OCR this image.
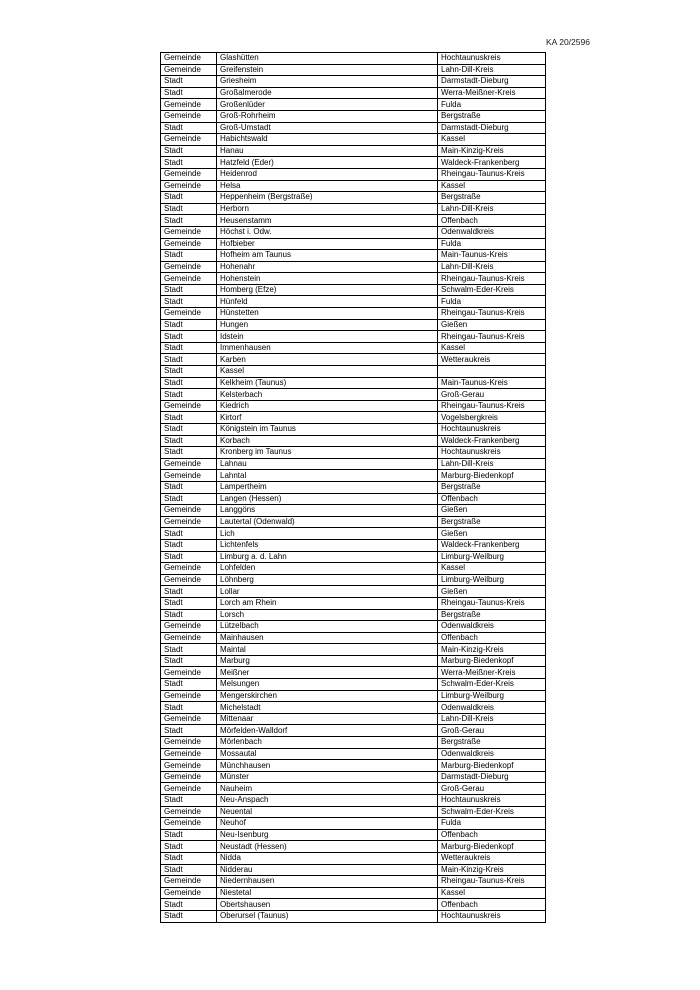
KA 20/2596
Gemeinde	Glashütten	Hochtaunuskreis
Gemeinde	Greifenstein	Lahn-Dill-Kreis
Stadt	Griesheim	Darmstadt-Dieburg
Stadt	Großalmerode	Werra-Meißner-Kreis
Gemeinde	Großenlüder	Fulda
Gemeinde	Groß-Rohrheim	Bergstraße
Stadt	Groß-Umstadt	Darmstadt-Dieburg
Gemeinde	Habichtswald	Kassel
Stadt	Hanau	Main-Kinzig-Kreis
Stadt	Hatzfeld (Eder)	Waldeck-Frankenberg
Gemeinde	Heidenrod	Rheingau-Taunus-Kreis
Gemeinde	Helsa	Kassel
Stadt	Heppenheim (Bergstraße)	Bergstraße
Stadt	Herborn	Lahn-Dill-Kreis
Stadt	Heusenstamm	Offenbach
Gemeinde	Höchst i. Odw.	Odenwaldkreis
Gemeinde	Hofbieber	Fulda
Stadt	Hofheim am Taunus	Main-Taunus-Kreis
Gemeinde	Hohenahr	Lahn-Dill-Kreis
Gemeinde	Hohenstein	Rheingau-Taunus-Kreis
Stadt	Homberg (Efze)	Schwalm-Eder-Kreis
Stadt	Hünfeld	Fulda
Gemeinde	Hünstetten	Rheingau-Taunus-Kreis
Stadt	Hungen	Gießen
Stadt	Idstein	Rheingau-Taunus-Kreis
Stadt	Immenhausen	Kassel
Stadt	Karben	Wetteraukreis
Stadt	Kassel	
Stadt	Kelkheim (Taunus)	Main-Taunus-Kreis
Stadt	Kelsterbach	Groß-Gerau
Gemeinde	Kiedrich	Rheingau-Taunus-Kreis
Stadt	Kirtorf	Vogelsbergkreis
Stadt	Königstein im Taunus	Hochtaunuskreis
Stadt	Korbach	Waldeck-Frankenberg
Stadt	Kronberg im Taunus	Hochtaunuskreis
Gemeinde	Lahnau	Lahn-Dill-Kreis
Gemeinde	Lahntal	Marburg-Biedenkopf
Stadt	Lampertheim	Bergstraße
Stadt	Langen (Hessen)	Offenbach
Gemeinde	Langgöns	Gießen
Gemeinde	Lautertal (Odenwald)	Bergstraße
Stadt	Lich	Gießen
Stadt	Lichtenfels	Waldeck-Frankenberg
Stadt	Limburg a. d. Lahn	Limburg-Weilburg
Gemeinde	Lohfelden	Kassel
Gemeinde	Löhnberg	Limburg-Weilburg
Stadt	Lollar	Gießen
Stadt	Lorch am Rhein	Rheingau-Taunus-Kreis
Stadt	Lorsch	Bergstraße
Gemeinde	Lützelbach	Odenwaldkreis
Gemeinde	Mainhausen	Offenbach
Stadt	Maintal	Main-Kinzig-Kreis
Stadt	Marburg	Marburg-Biedenkopf
Gemeinde	Meißner	Werra-Meißner-Kreis
Stadt	Melsungen	Schwalm-Eder-Kreis
Gemeinde	Mengerskirchen	Limburg-Weilburg
Stadt	Michelstadt	Odenwaldkreis
Gemeinde	Mittenaar	Lahn-Dill-Kreis
Stadt	Mörfelden-Walldorf	Groß-Gerau
Gemeinde	Mörlenbach	Bergstraße
Gemeinde	Mossautal	Odenwaldkreis
Gemeinde	Münchhausen	Marburg-Biedenkopf
Gemeinde	Münster	Darmstadt-Dieburg
Gemeinde	Nauheim	Groß-Gerau
Stadt	Neu-Anspach	Hochtaunuskreis
Gemeinde	Neuental	Schwalm-Eder-Kreis
Gemeinde	Neuhof	Fulda
Stadt	Neu-Isenburg	Offenbach
Stadt	Neustadt (Hessen)	Marburg-Biedenkopf
Stadt	Nidda	Wetteraukreis
Stadt	Nidderau	Main-Kinzig-Kreis
Gemeinde	Niedernhausen	Rheingau-Taunus-Kreis
Gemeinde	Niestetal	Kassel
Stadt	Obertshausen	Offenbach
Stadt	Oberursel (Taunus)	Hochtaunuskreis
